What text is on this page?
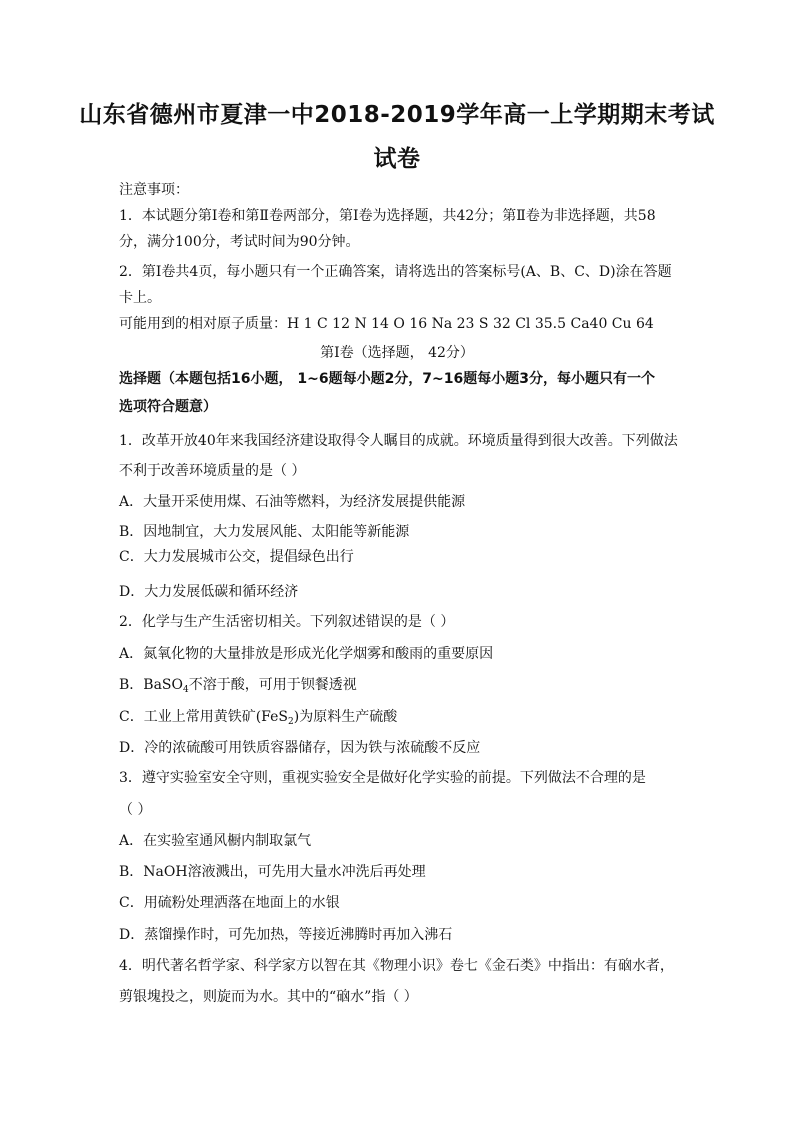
山东省德州市夏津一中2018-2019学年高一上学期期末考试
试卷
注意事项：
1．本试题分第Ⅰ卷和第Ⅱ卷两部分，第Ⅰ卷为选择题，共42分；第Ⅱ卷为非选择题，共58
分，满分100分，考试时间为90分钟。
2．第Ⅰ卷共4页，每小题只有一个正确答案，请将选出的答案标号(A、B、C、D)涂在答题
卡上。
可能用到的相对原子质量：H 1 C 12 N 14 O 16 Na 23 S 32 Cl 35.5 Ca40 Cu 64
第Ⅰ卷（选择题， 42分）
选择题（本题包括16小题， 1~6题每小题2分，7~16题每小题3分，每小题只有一个
选项符合题意）
1．改革开放40年来我国经济建设取得令人瞩目的成就。环境质量得到很大改善。下列做法
不利于改善环境质量的是（ ）
A．大量开采使用煤、石油等燃料，为经济发展提供能源
B．因地制宜，大力发展风能、太阳能等新能源
C．大力发展城市公交，提倡绿色出行
D．大力发展低碳和循环经济
2．化学与生产生活密切相关。下列叙述错误的是（ ）
A．氮氧化物的大量排放是形成光化学烟雾和酸雨的重要原因
B．BaSO$_4$不溶于酸，可用于钡餐透视
C．工业上常用黄铁矿(FeS$_2$)为原料生产硫酸
D．冷的浓硫酸可用铁质容器储存，因为铁与浓硫酸不反应
3．遵守实验室安全守则，重视实验安全是做好化学实验的前提。下列做法不合理的是
（ ）
A．在实验室通风橱内制取氯气
B．NaOH溶液溅出，可先用大量水冲洗后再处理
C．用硫粉处理洒落在地面上的水银
D．蒸馏操作时，可先加热，等接近沸腾时再加入沸石
4．明代著名哲学家、科学家方以智在其《物理小识》卷七《金石类》中指出：有硇水者，
剪银塊投之，则旋而为水。其中的“硇水”指（ ）
